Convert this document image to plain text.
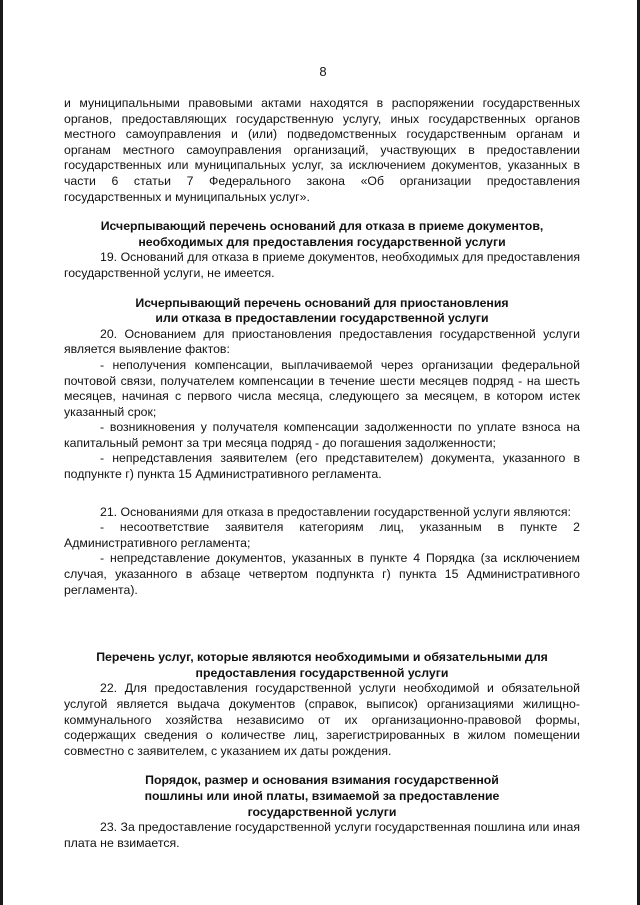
8

и муниципальными правовыми актами находятся в распоряжении государственных органов, предоставляющих государственную услугу, иных государственных органов местного самоуправления и (или) подведомственных государственным органам и органам местного самоуправления организаций, участвующих в предоставлении государственных или муниципальных услуг, за исключением документов, указанных в части 6 статьи 7 Федерального закона «Об организации предоставления государственных и муниципальных услуг».

Исчерпывающий перечень оснований для отказа в приеме документов,
необходимых для предоставления государственной услуги

19. Оснований для отказа в приеме документов, необходимых для предоставления государственной услуги, не имеется.

Исчерпывающий перечень оснований для приостановления
или отказа в предоставлении государственной услуги

20. Основанием для приостановления предоставления государственной услуги является выявление фактов:

- неполучения компенсации, выплачиваемой через организации федеральной почтовой связи, получателем компенсации в течение шести месяцев подряд - на шесть месяцев, начиная с первого числа месяца, следующего за месяцем, в котором истек указанный срок;

- возникновения у получателя компенсации задолженности по уплате взноса на капитальный ремонт за три месяца подряд - до погашения задолженности;

- непредставления заявителем (его представителем) документа, указанного в подпункте г) пункта 15 Административного регламента.

21. Основаниями для отказа в предоставлении государственной услуги являются:

- несоответствие заявителя категориям лиц, указанным в пункте 2 Административного регламента;

- непредставление документов, указанных в пункте 4 Порядка (за исключением случая, указанного в абзаце четвертом подпункта г) пункта 15 Административного регламента).

Перечень услуг, которые являются необходимыми и обязательными для
предоставления государственной услуги

22. Для предоставления государственной услуги необходимой и обязательной услугой является выдача документов (справок, выписок) организациями жилищно-коммунального хозяйства независимо от их организационно-правовой формы, содержащих сведения о количестве лиц, зарегистрированных в жилом помещении совместно с заявителем, с указанием их даты рождения.

Порядок, размер и основания взимания государственной
пошлины или иной платы, взимаемой за предоставление
государственной услуги

23. За предоставление государственной услуги государственная пошлина или иная плата не взимается.
